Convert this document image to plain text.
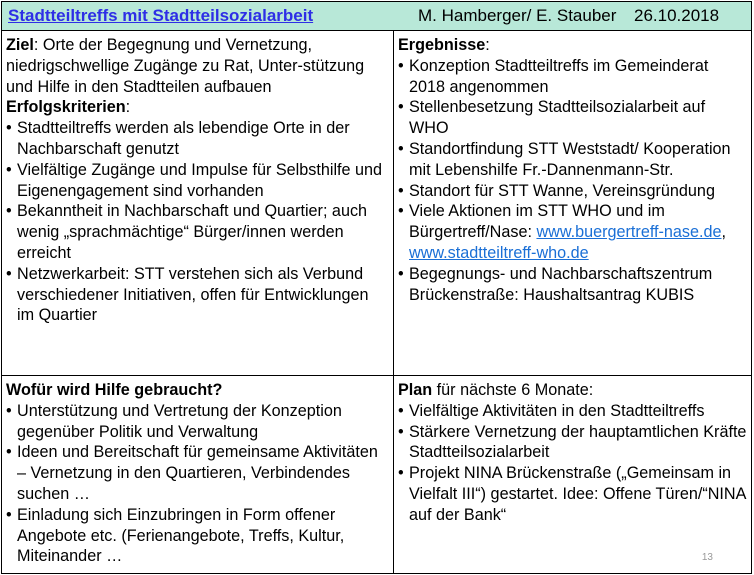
Stadtteiltreffs mit Stadtteilsozialarbeit	M. Hamberger/ E. Stauber	26.10.2018
Ziel: Orte der Begegnung und Vernetzung, niedrigschwellige Zugänge zu Rat, Unter-stützung und Hilfe in den Stadtteilen aufbauen
Erfolgskriterien:
• Stadtteiltreffs werden als lebendige Orte in der Nachbarschaft genutzt
• Vielfältige Zugänge und Impulse für Selbsthilfe und Eigenengagement sind vorhanden
• Bekanntheit in Nachbarschaft und Quartier; auch wenig „sprachmächtige“ Bürger/innen werden erreicht
• Netzwerkarbeit: STT verstehen sich als Verbund verschiedener Initiativen, offen für Entwicklungen im Quartier
Ergebnisse:
• Konzeption Stadtteiltreffs im Gemeinderat 2018 angenommen
• Stellenbesetzung Stadtteilsozialarbeit auf WHO
• Standortfindung STT Weststadt/ Kooperation mit Lebenshilfe Fr.-Dannenmann-Str.
• Standort für STT Wanne, Vereinsgründung
• Viele Aktionen im STT WHO und im Bürgertreff/Nase: www.buergertreff-nase.de, www.stadtteiltreff-who.de
• Begegnungs- und Nachbarschaftszentrum Brückenstraße: Haushaltsantrag KUBIS
Wofür wird Hilfe gebraucht?
• Unterstützung und Vertretung der Konzeption gegenüber Politik und Verwaltung
• Ideen und Bereitschaft für gemeinsame Aktivitäten – Vernetzung in den Quartieren, Verbindendes suchen …
• Einladung sich Einzubringen in Form offener Angebote etc. (Ferienangebote, Treffs, Kultur, Miteinander …
Plan für nächste 6 Monate:
• Vielfältige Aktivitäten in den Stadtteiltreffs
• Stärkere Vernetzung der hauptamtlichen Kräfte Stadtteilsozialarbeit
• Projekt NINA Brückenstraße („Gemeinsam in Vielfalt III“) gestartet. Idee: Offene Türen/“NINA auf der Bank“
13
